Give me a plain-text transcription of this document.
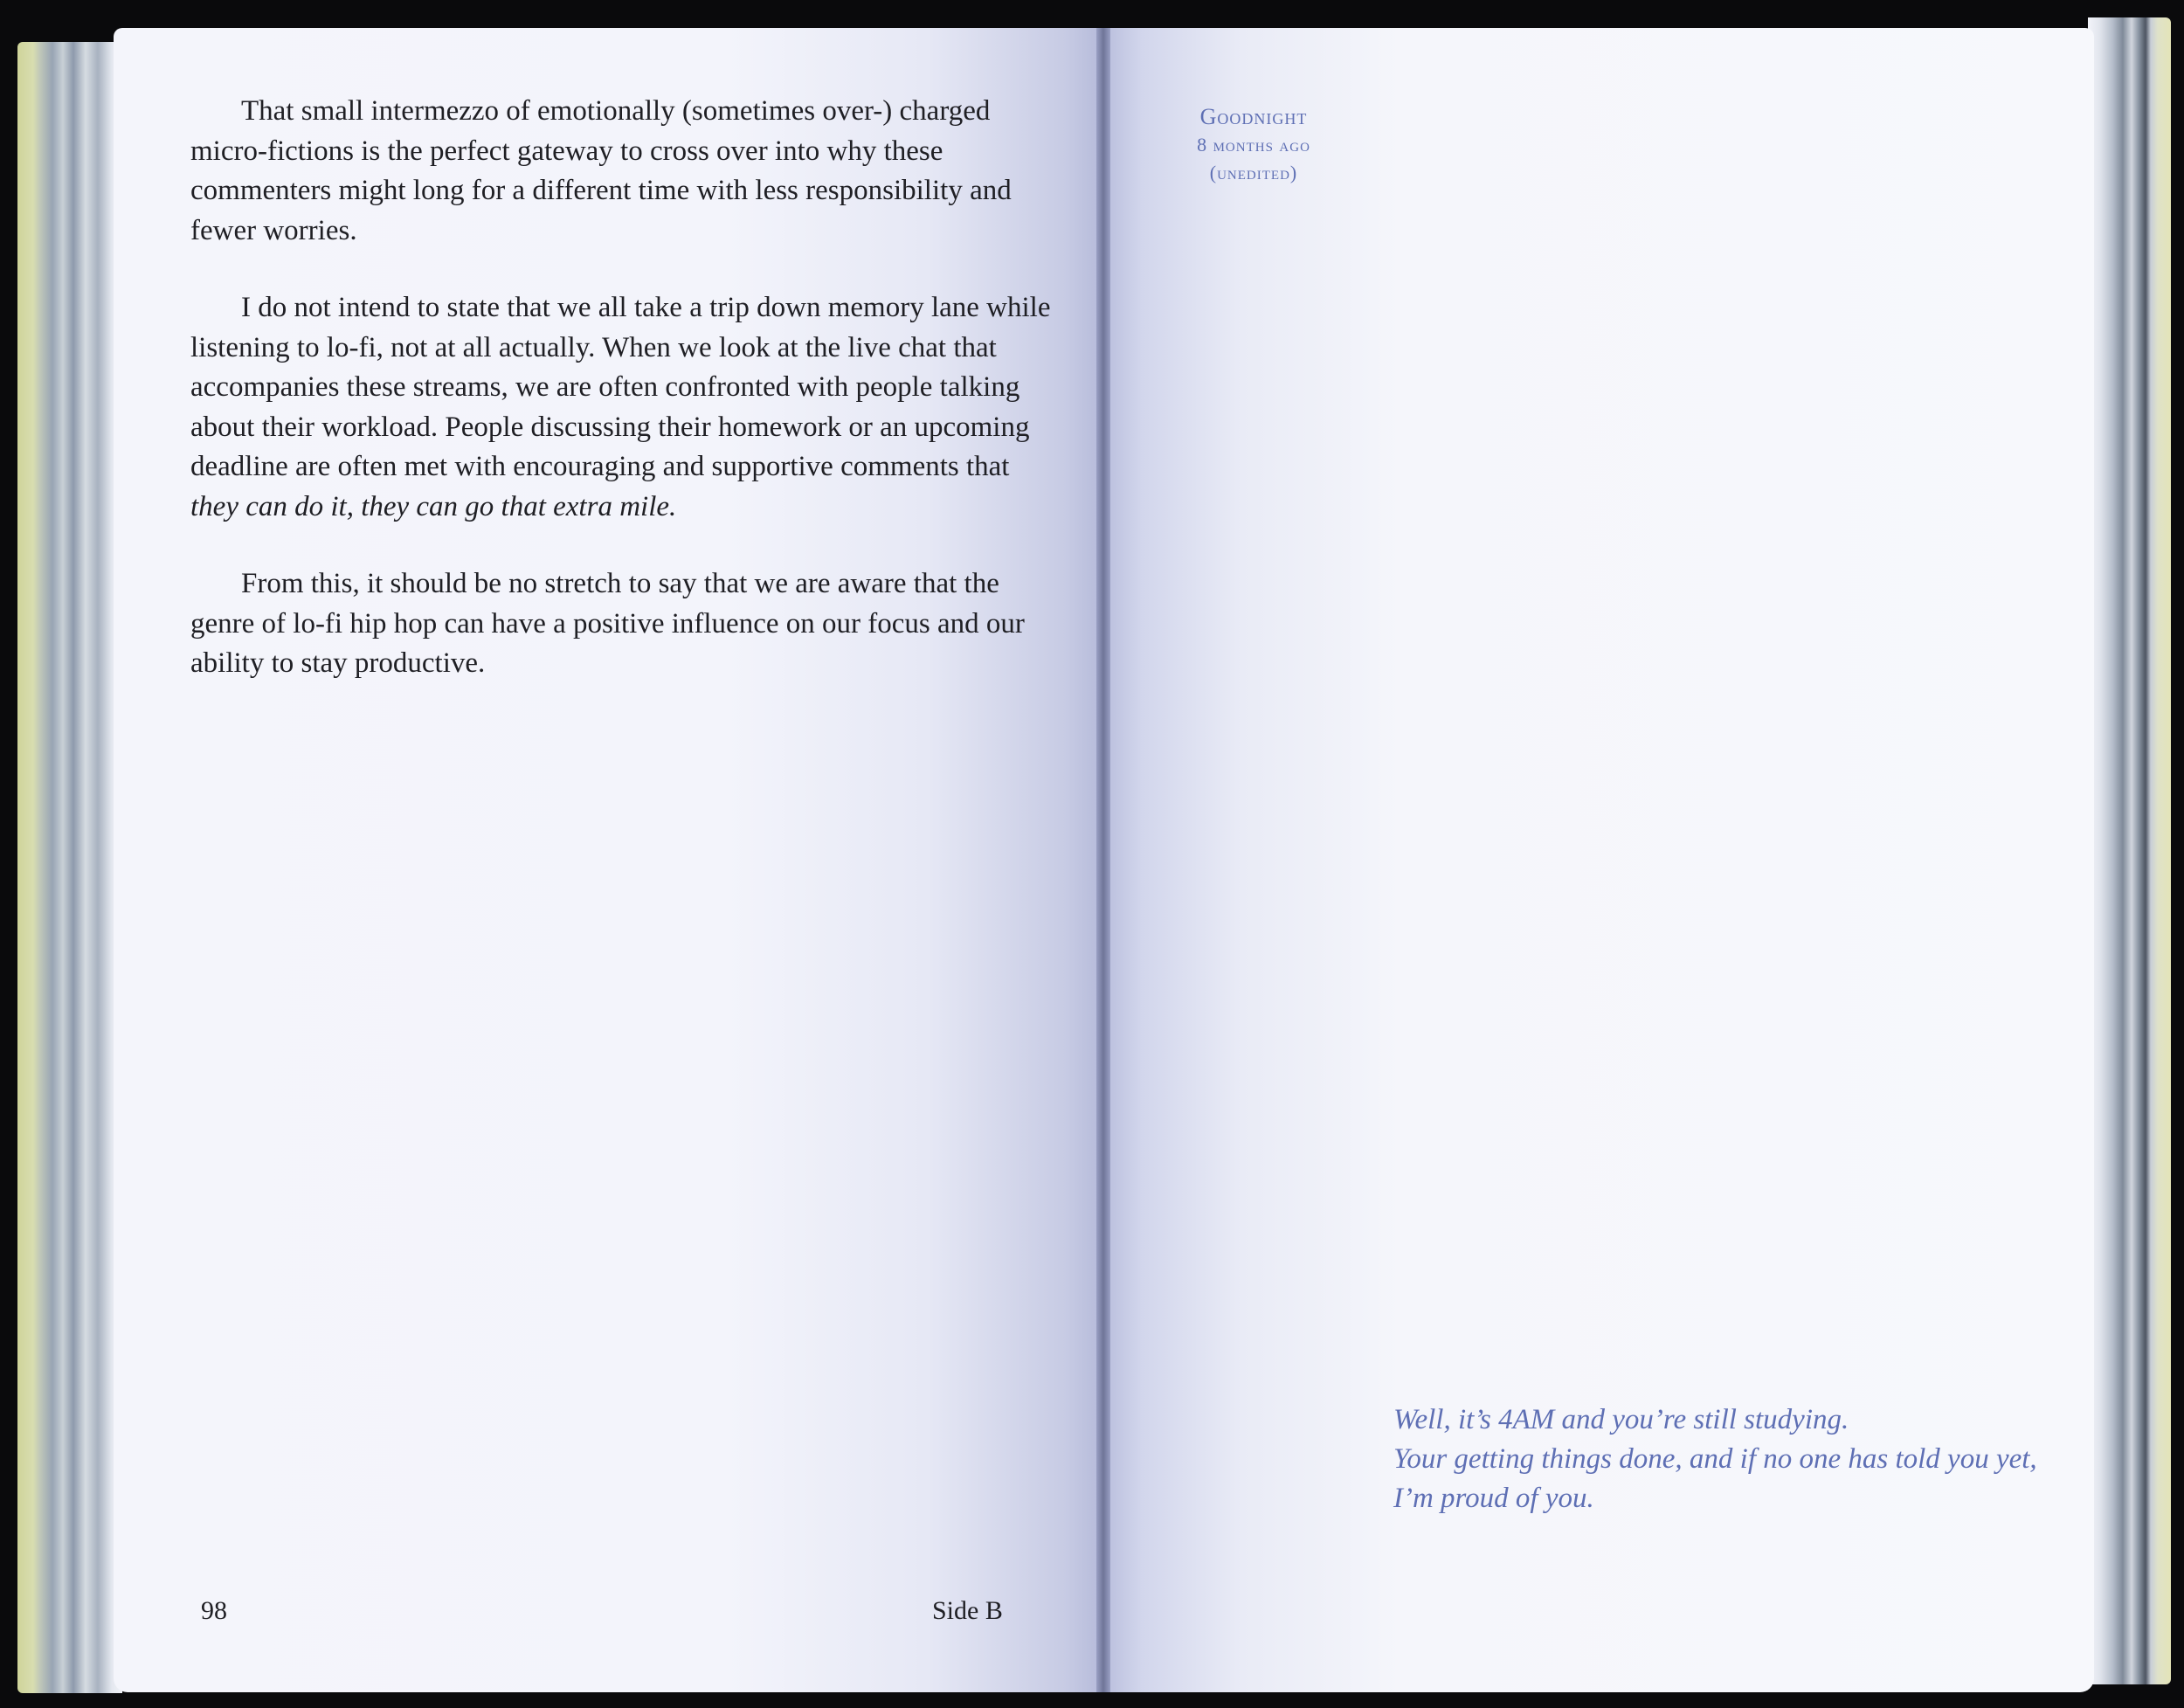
That small intermezzo of emotionally (sometimes over-) charged micro-fictions is the perfect gateway to cross over into why these commenters might long for a different time with less responsibility and fewer worries.

I do not intend to state that we all take a trip down memory lane while listening to lo-fi, not at all actually. When we look at the live chat that accompanies these streams, we are often confronted with people talking about their workload. People discussing their homework or an upcoming deadline are often met with encouraging and supportive comments that they can do it, they can go that extra mile.

From this, it should be no stretch to say that we are aware that the genre of lo-fi hip hop can have a positive influence on our focus and our ability to stay productive.

98	Side B
Goodnight
8 months ago
(unedited)
Well, it’s 4AM and you’re still studying.
Your getting things done, and if no one has told you yet,
I’m proud of you.
